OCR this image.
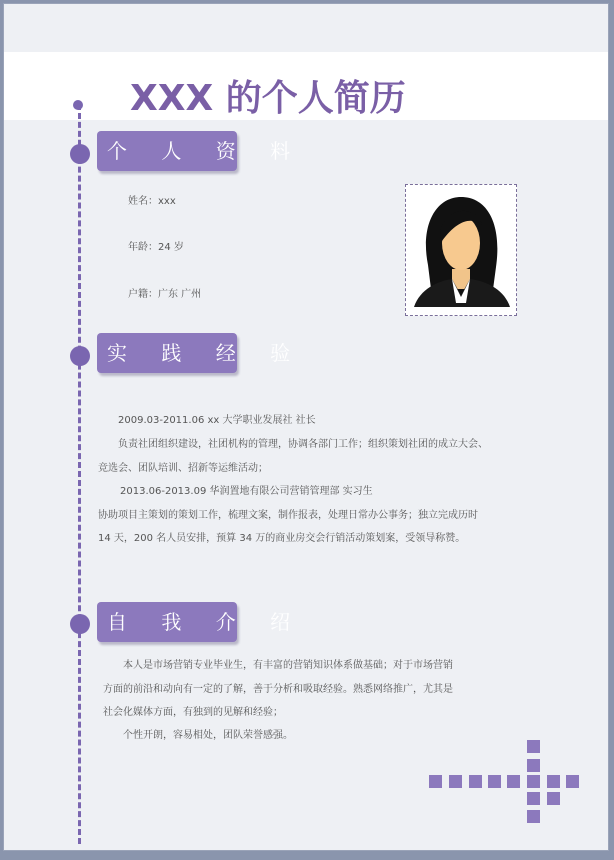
XXX 的个人简历
个 人 资 料
姓名：xxx
年龄：24 岁
户籍：广东 广州
实 践 经 验
2009.03-2011.06 xx 大学职业发展社 社长
负责社团组织建设，社团机构的管理，协调各部门工作；组织策划社团的成立大会、
竞选会、团队培训、招新等运维活动；
2013.06-2013.09 华润置地有限公司营销管理部 实习生
协助项目主策划的策划工作，梳理文案，制作报表，处理日常办公事务；独立完成历时
14 天，200 名人员安排，预算 34 万的商业房交会行销活动策划案，受领导称赞。
自 我 介 绍
本人是市场营销专业毕业生，有丰富的营销知识体系做基础；对于市场营销
方面的前沿和动向有一定的了解，善于分析和吸取经验。熟悉网络推广，尤其是
社会化媒体方面，有独到的见解和经验；
个性开朗，容易相处，团队荣誉感强。
